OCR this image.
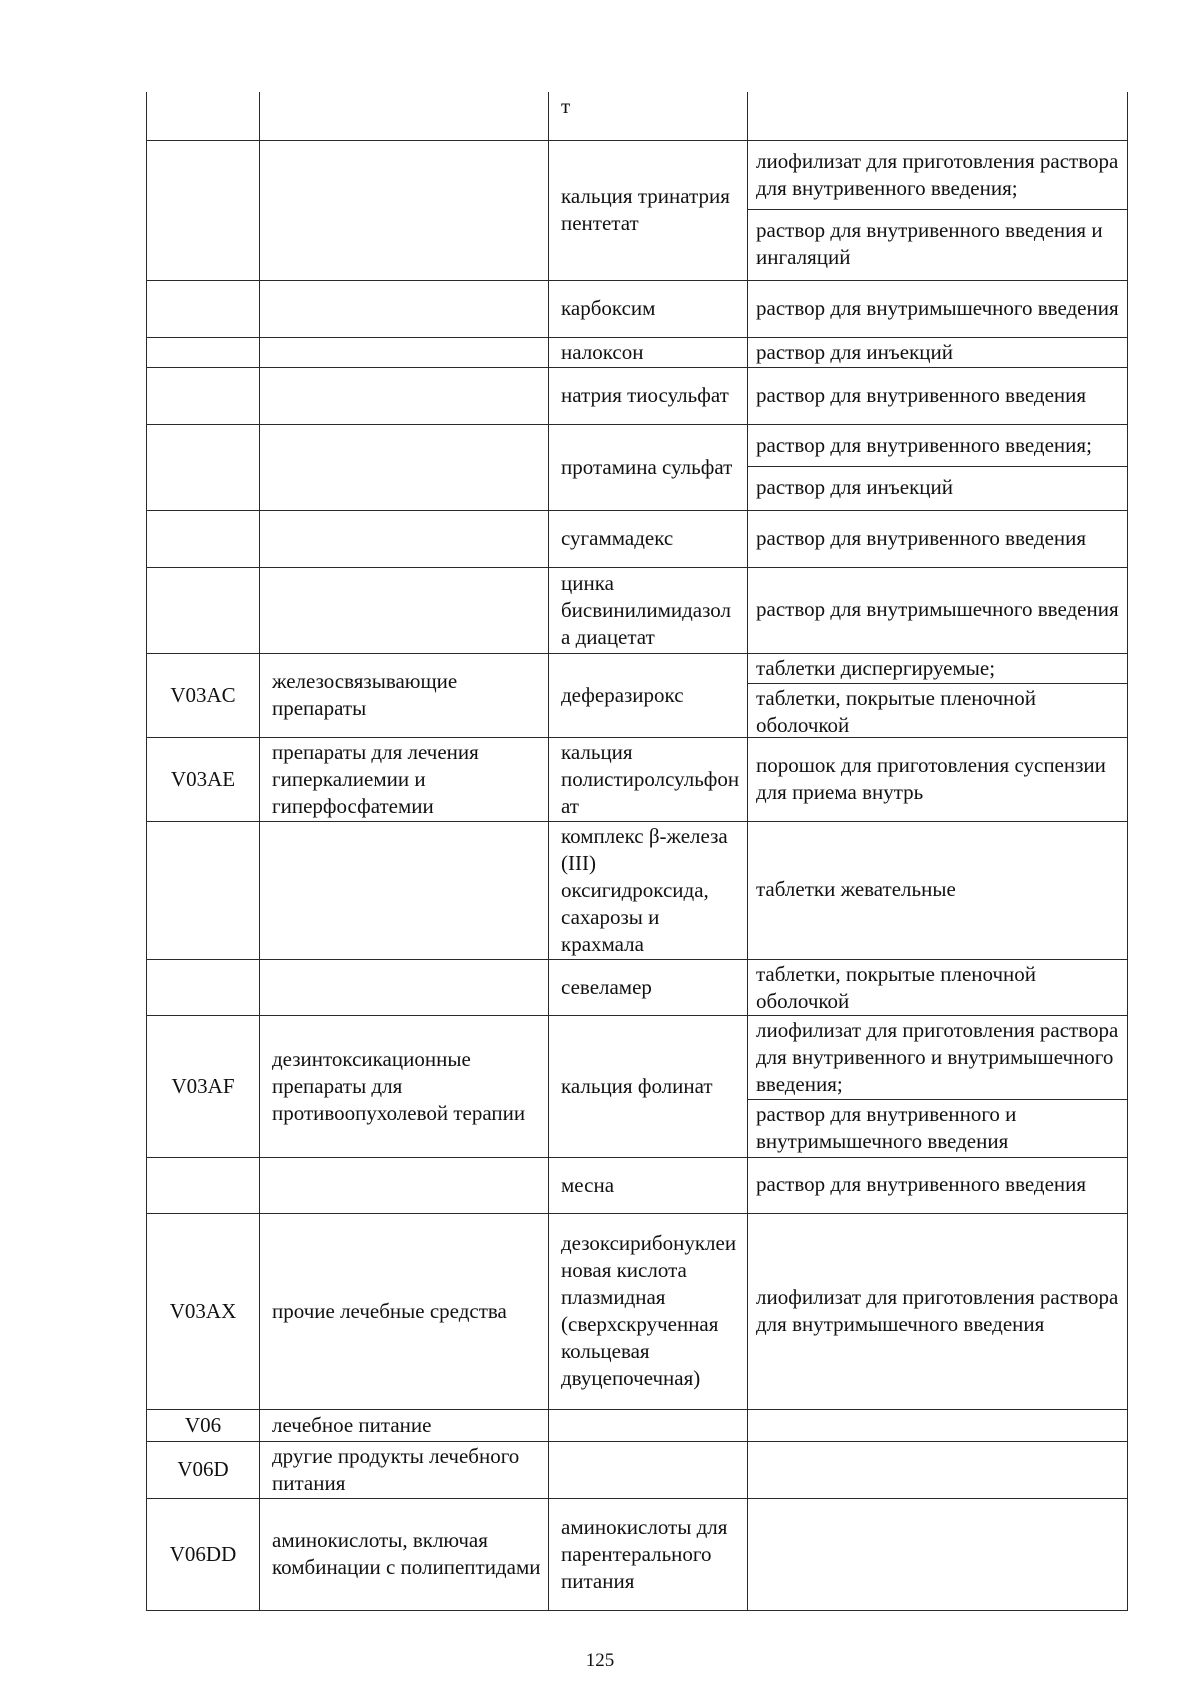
		т	

		кальция тринатрия пентетат	лиофилизат для приготовления раствора для внутривенного введения;
раствор для внутривенного введения и ингаляций

		карбоксим	раствор для внутримышечного введения

		налоксон	раствор для инъекций

		натрия тиосульфат	раствор для внутривенного введения

		протамина сульфат	раствор для внутривенного введения;
раствор для инъекций

		сугаммадекс	раствор для внутривенного введения

		цинка бисвинилимидазола диацетат	раствор для внутримышечного введения

V03AC	железосвязывающие препараты	деферазирокс	таблетки диспергируемые;
таблетки, покрытые пленочной оболочкой

V03AE	препараты для лечения гиперкалиемии и гиперфосфатемии	кальция полистиролсульфонат	порошок для приготовления суспензии для приема внутрь

		комплекс β-железа (III) оксигидроксида, сахарозы и крахмала	таблетки жевательные

		севеламер	таблетки, покрытые пленочной оболочкой

V03AF	дезинтоксикационные препараты для противоопухолевой терапии	кальция фолинат	лиофилизат для приготовления раствора для внутривенного и внутримышечного введения;
раствор для внутривенного и внутримышечного введения

		месна	раствор для внутривенного введения

V03AX	прочие лечебные средства	дезоксирибонуклеиновая кислота плазмидная (сверхскрученная кольцевая двуцепочечная)	лиофилизат для приготовления раствора для внутримышечного введения

V06	лечебное питание		

V06D	другие продукты лечебного питания		

V06DD	аминокислоты, включая комбинации с полипептидами	аминокислоты для парентерального питания	
125
